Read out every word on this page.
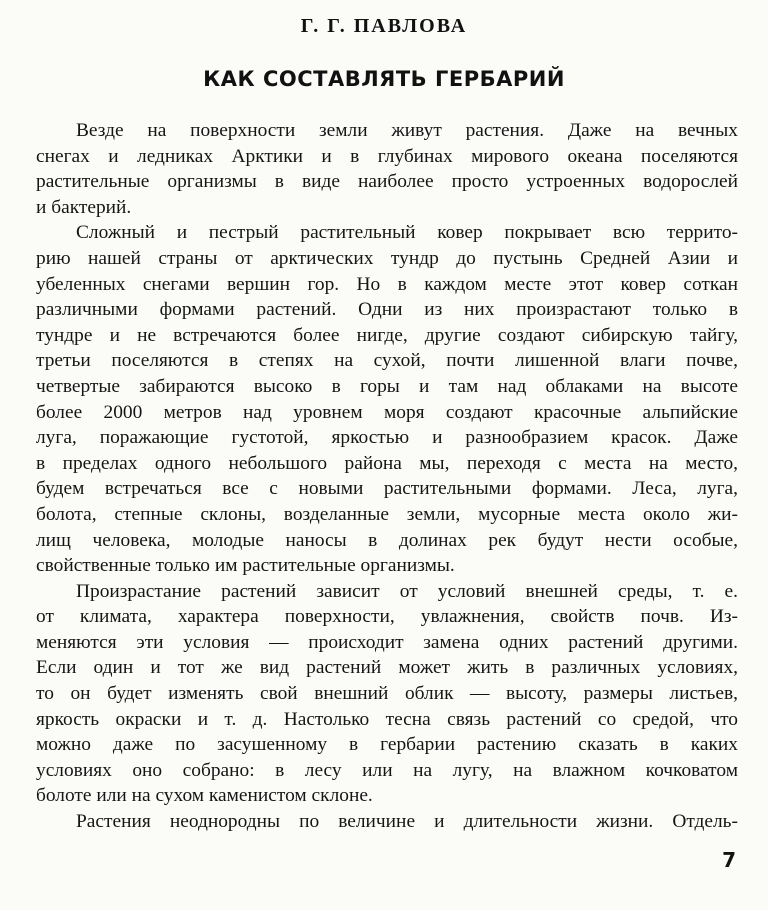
Г. Г. ПАВЛОВА
КАК СОСТАВЛЯТЬ ГЕРБАРИЙ

Везде на поверхности земли живут растения. Даже на вечных
снегах и ледниках Арктики и в глубинах мирового океана поселяются
растительные организмы в виде наиболее просто устроенных водорослей
и бактерий.

Сложный и пестрый растительный ковер покрывает всю террито-
рию нашей страны от арктических тундр до пустынь Средней Азии и
убеленных снегами вершин гор. Но в каждом месте этот ковер соткан
различными формами растений. Одни из них произрастают только в
тундре и не встречаются более нигде, другие создают сибирскую тайгу,
третьи поселяются в степях на сухой, почти лишенной влаги почве,
четвертые забираются высоко в горы и там над облаками на высоте
более 2000 метров над уровнем моря создают красочные альпийские
луга, поражающие густотой, яркостью и разнообразием красок. Даже
в пределах одного небольшого района мы, переходя с места на место,
будем встречаться все с новыми растительными формами. Леса, луга,
болота, степные склоны, возделанные земли, мусорные места около жи-
лищ человека, молодые наносы в долинах рек будут нести особые,
свойственные только им растительные организмы.

Произрастание растений зависит от условий внешней среды, т. е.
от климата, характера поверхности, увлажнения, свойств почв. Из-
меняются эти условия — происходит замена одних растений другими.
Если один и тот же вид растений может жить в различных условиях,
то он будет изменять свой внешний облик — высоту, размеры листьев,
яркость окраски и т. д. Настолько тесна связь растений со средой, что
можно даже по засушенному в гербарии растению сказать в каких
условиях оно собрано: в лесу или на лугу, на влажном кочковатом
болоте или на сухом каменистом склоне.

Растения неоднородны по величине и длительности жизни. Отдель-

7
